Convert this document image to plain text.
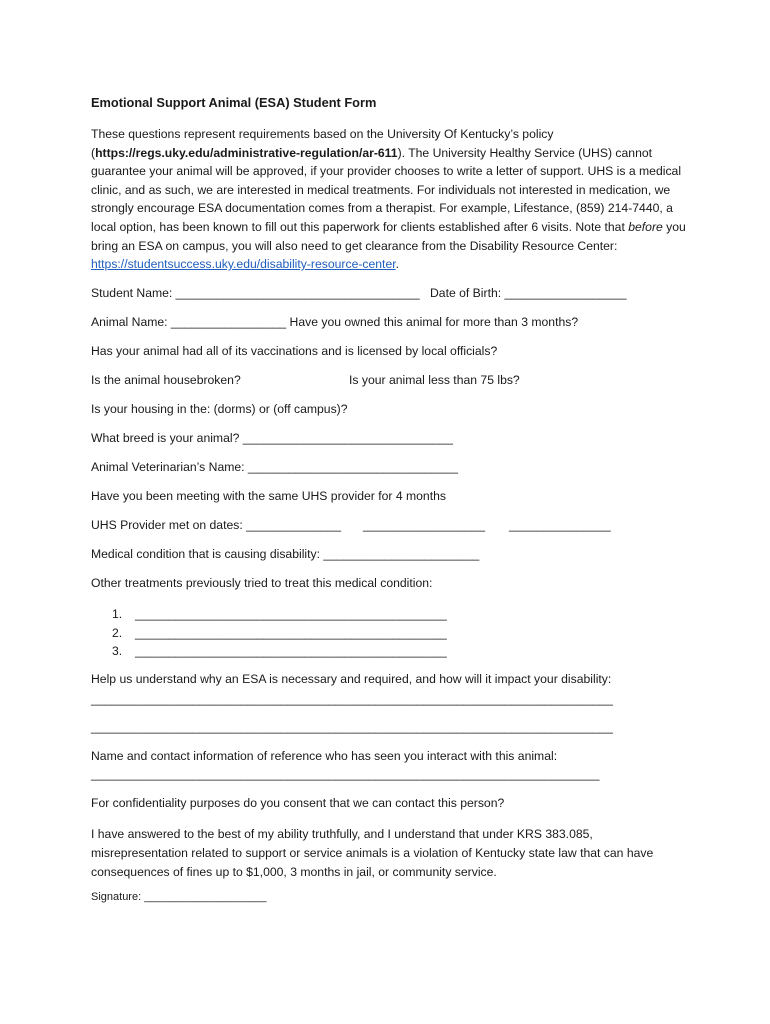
Emotional Support Animal (ESA) Student Form

These questions represent requirements based on the University Of Kentucky’s policy (https://regs.uky.edu/administrative-regulation/ar-611). The University Healthy Service (UHS) cannot guarantee your animal will be approved, if your provider chooses to write a letter of support. UHS is a medical clinic, and as such, we are interested in medical treatments. For individuals not interested in medication, we strongly encourage ESA documentation comes from a therapist. For example, Lifestance, (859) 214-7440, a local option, has been known to fill out this paperwork for clients established after 6 visits. Note that before you bring an ESA on campus, you will also need to get clearance from the Disability Resource Center: https://studentsuccess.uky.edu/disability-resource-center.

Student Name: ____________________________________ Date of Birth: __________________
Animal Name: _________________ Have you owned this animal for more than 3 months?
Has your animal had all of its vaccinations and is licensed by local officials?
Is the animal housebroken?	Is your animal less than 75 lbs?
Is your housing in the: (dorms) or (off campus)?
What breed is your animal? _______________________________
Animal Veterinarian’s Name: _______________________________
Have you been meeting with the same UHS provider for 4 months
UHS Provider met on dates: ______________ __________________ _______________
Medical condition that is causing disability: _______________________
Other treatments previously tried to treat this medical condition:
1. ______________________________________________
2. ______________________________________________
3. ______________________________________________
Help us understand why an ESA is necessary and required, and how will it impact your disability:
_____________________________________________________________________________
_____________________________________________________________________________
Name and contact information of reference who has seen you interact with this animal:
___________________________________________________________________________
For confidentiality purposes do you consent that we can contact this person?
I have answered to the best of my ability truthfully, and I understand that under KRS 383.085, misrepresentation related to support or service animals is a violation of Kentucky state law that can have consequences of fines up to $1,000, 3 months in jail, or community service.
Signature: ____________________
